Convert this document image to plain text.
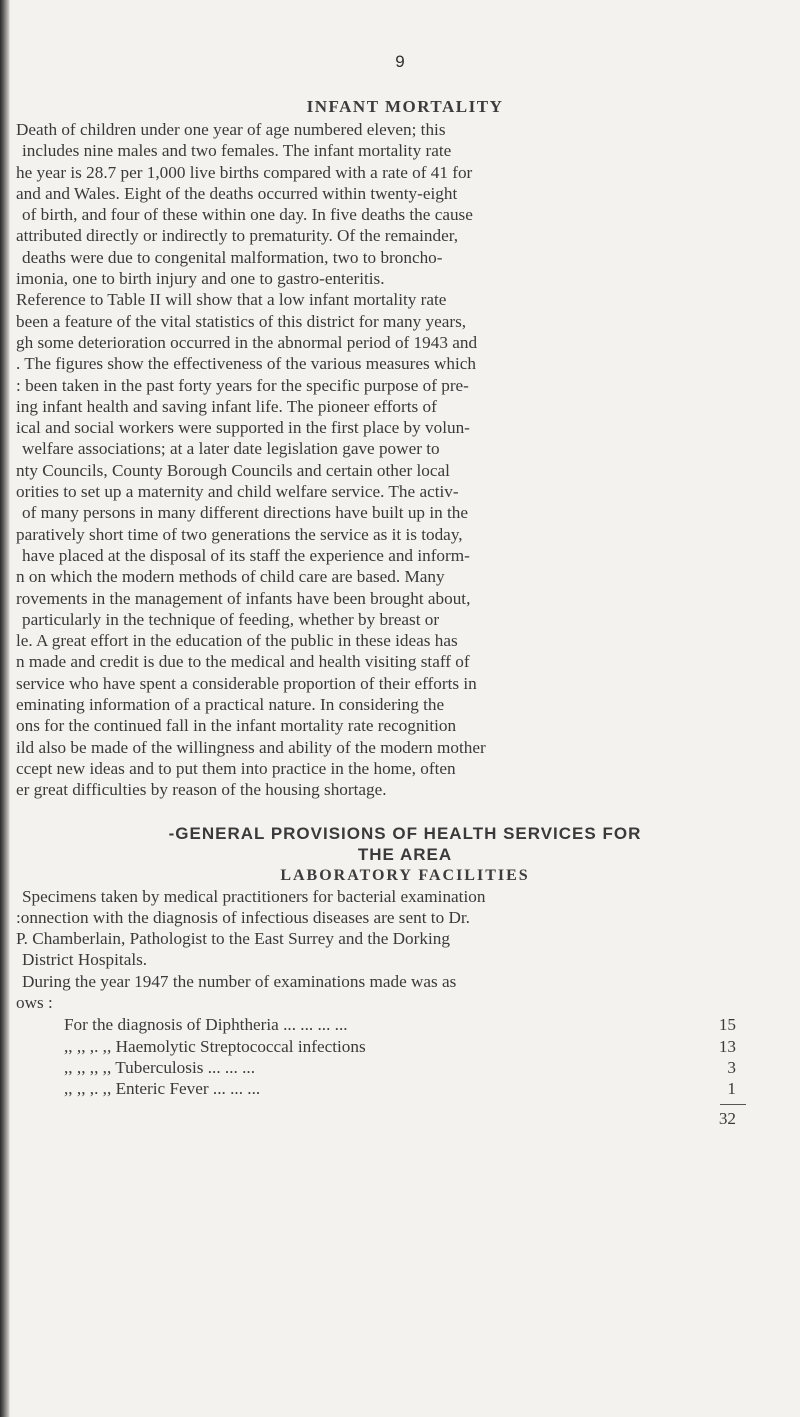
9
INFANT MORTALITY

Death of children under one year of age numbered eleven; this
includes nine males and two females. The infant mortality rate
he year is 28.7 per 1,000 live births compared with a rate of 41 for
and and Wales. Eight of the deaths occurred within twenty-eight
of birth, and four of these within one day. In five deaths the cause
attributed directly or indirectly to prematurity. Of the remainder,
deaths were due to congenital malformation, two to broncho-
imonia, one to birth injury and one to gastro-enteritis.
Reference to Table II will show that a low infant mortality rate
been a feature of the vital statistics of this district for many years,
gh some deterioration occurred in the abnormal period of 1943 and
. The figures show the effectiveness of the various measures which
: been taken in the past forty years for the specific purpose of pre-
ing infant health and saving infant life. The pioneer efforts of
ical and social workers were supported in the first place by volun-
welfare associations; at a later date legislation gave power to
nty Councils, County Borough Councils and certain other local
orities to set up a maternity and child welfare service. The activ-
of many persons in many different directions have built up in the
paratively short time of two generations the service as it is today,
have placed at the disposal of its staff the experience and inform-
n on which the modern methods of child care are based. Many
rovements in the management of infants have been brought about,
particularly in the technique of feeding, whether by breast or
le. A great effort in the education of the public in these ideas has
n made and credit is due to the medical and health visiting staff of
service who have spent a considerable proportion of their efforts in
eminating information of a practical nature. In considering the
ons for the continued fall in the infant mortality rate recognition
ild also be made of the willingness and ability of the modern mother
ccept new ideas and to put them into practice in the home, often
er great difficulties by reason of the housing shortage.

-GENERAL PROVISIONS OF HEALTH SERVICES FOR
THE AREA
LABORATORY FACILITIES

Specimens taken by medical practitioners for bacterial examination
:onnection with the diagnosis of infectious diseases are sent to Dr.
P. Chamberlain, Pathologist to the East Surrey and the Dorking
District Hospitals.
During the year 1947 the number of examinations made was as
ows :

For the diagnosis of Diphtheria ... ... ... ...	15
,, ,, ,. ,, Haemolytic Streptococcal infections	13
,, ,, ,, ,, Tuberculosis ... ... ...	3
,, ,, ,. ,, Enteric Fever ... ... ...	1
32
